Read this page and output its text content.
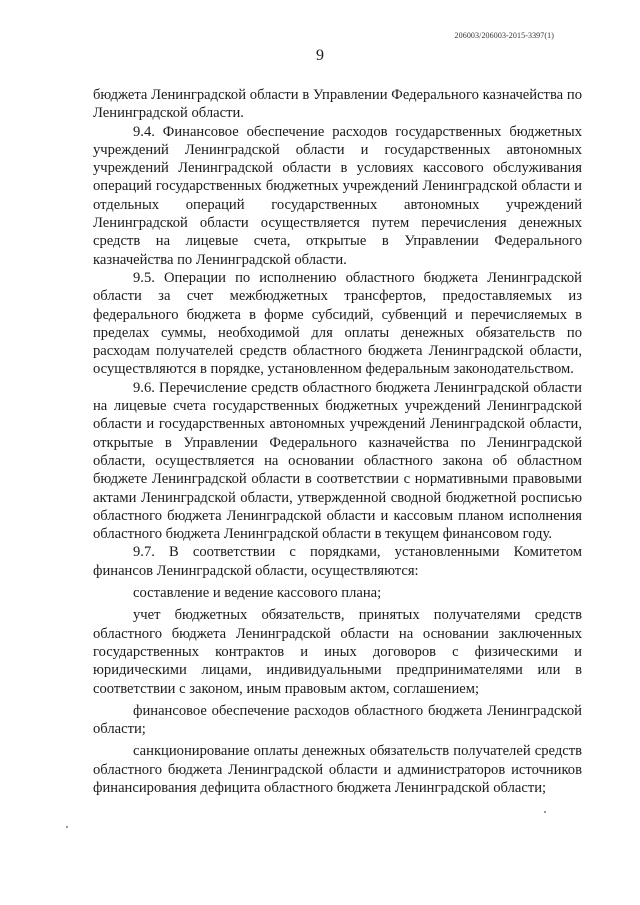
206003/206003-2015-3397(1)
9

бюджета Ленинградской области в Управлении Федерального казначейства по Ленинградской области.

9.4. Финансовое обеспечение расходов государственных бюджетных учреждений Ленинградской области и государственных автономных учреждений Ленинградской области в условиях кассового обслуживания операций государственных бюджетных учреждений Ленинградской области и отдельных операций государственных автономных учреждений Ленинградской области осуществляется путем перечисления денежных средств на лицевые счета, открытые в Управлении Федерального казначейства по Ленинградской области.

9.5. Операции по исполнению областного бюджета Ленинградской области за счет межбюджетных трансфертов, предоставляемых из федерального бюджета в форме субсидий, субвенций и перечисляемых в пределах суммы, необходимой для оплаты денежных обязательств по расходам получателей средств областного бюджета Ленинградской области, осуществляются в порядке, установленном федеральным законодательством.

9.6. Перечисление средств областного бюджета Ленинградской области на лицевые счета государственных бюджетных учреждений Ленинградской области и государственных автономных учреждений Ленинградской области, открытые в Управлении Федерального казначейства по Ленинградской области, осуществляется на основании областного закона об областном бюджете Ленинградской области в соответствии с нормативными правовыми актами Ленинградской области, утвержденной сводной бюджетной росписью областного бюджета Ленинградской области и кассовым планом исполнения областного бюджета Ленинградской области в текущем финансовом году.

9.7. В соответствии с порядками, установленными Комитетом финансов Ленинградской области, осуществляются:

составление и ведение кассового плана;

учет бюджетных обязательств, принятых получателями средств областного бюджета Ленинградской области на основании заключенных государственных контрактов и иных договоров с физическими и юридическими лицами, индивидуальными предпринимателями или в соответствии с законом, иным правовым актом, соглашением;

финансовое обеспечение расходов областного бюджета Ленинградской области;

санкционирование оплаты денежных обязательств получателей средств областного бюджета Ленинградской области и администраторов источников финансирования дефицита областного бюджета Ленинградской области;
